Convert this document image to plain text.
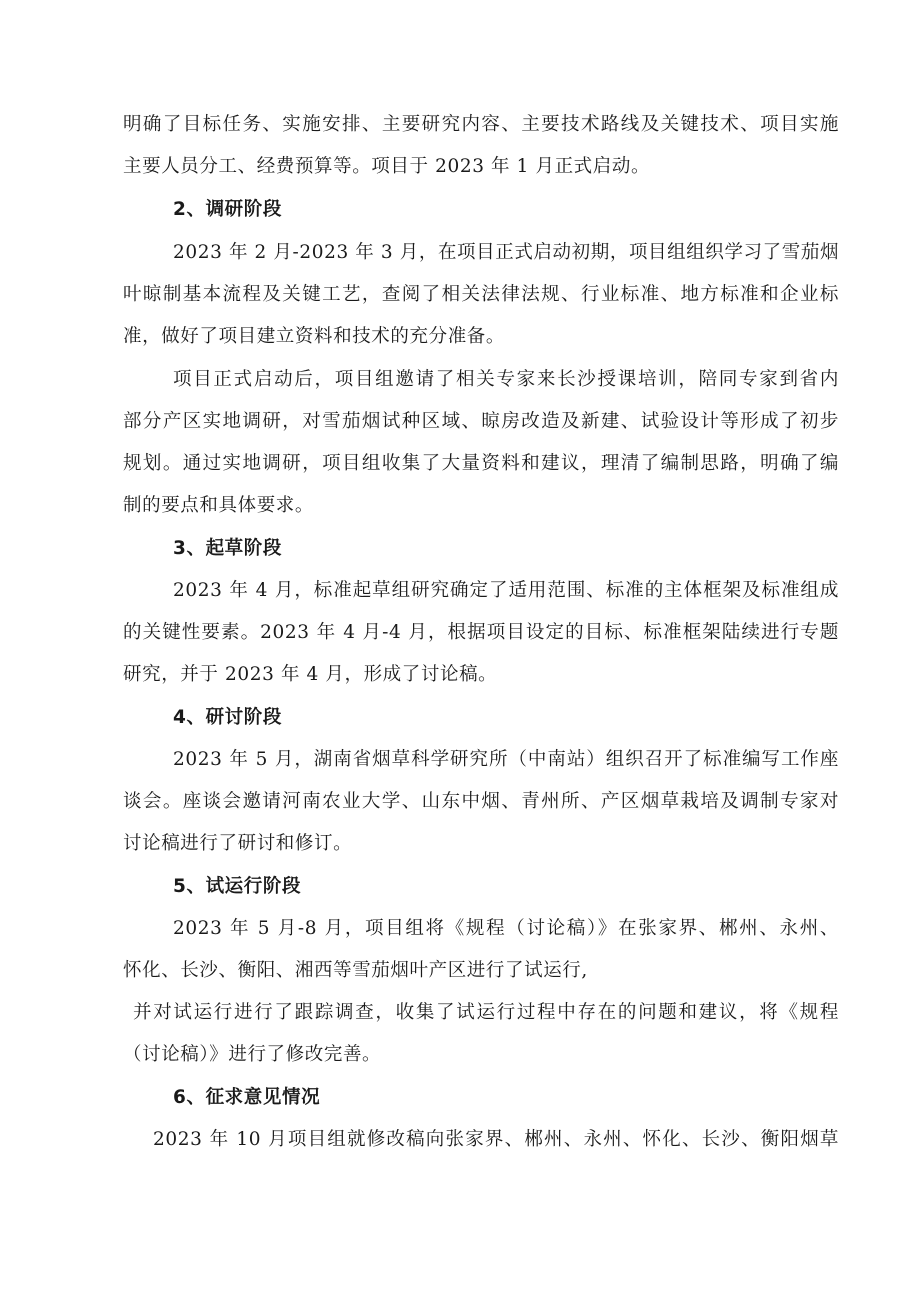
明确了目标任务、实施安排、主要研究内容、主要技术路线及关键技术、项目实施
主要人员分工、经费预算等。项目于 2023 年 1 月正式启动。
2、调研阶段
2023 年 2 月-2023 年 3 月，在项目正式启动初期，项目组组织学习了雪茄烟
叶晾制基本流程及关键工艺，查阅了相关法律法规、行业标准、地方标准和企业标
准，做好了项目建立资料和技术的充分准备。
项目正式启动后，项目组邀请了相关专家来长沙授课培训，陪同专家到省内
部分产区实地调研，对雪茄烟试种区域、晾房改造及新建、试验设计等形成了初步
规划。通过实地调研，项目组收集了大量资料和建议，理清了编制思路，明确了编
制的要点和具体要求。
3、起草阶段
2023 年 4 月，标准起草组研究确定了适用范围、标准的主体框架及标准组成
的关键性要素。2023 年 4 月-4 月，根据项目设定的目标、标准框架陆续进行专题
研究，并于 2023 年 4 月，形成了讨论稿。
4、研讨阶段
2023 年 5 月，湖南省烟草科学研究所（中南站）组织召开了标准编写工作座
谈会。座谈会邀请河南农业大学、山东中烟、青州所、产区烟草栽培及调制专家对
讨论稿进行了研讨和修订。
5、试运行阶段
2023 年 5 月-8 月，项目组将《规程（讨论稿）》在张家界、郴州、永州、
怀化、长沙、衡阳、湘西等雪茄烟叶产区进行了试运行,
并对试运行进行了跟踪调查，收集了试运行过程中存在的问题和建议，将《规程
（讨论稿）》进行了修改完善。
6、征求意见情况
2023 年 10 月项目组就修改稿向张家界、郴州、永州、怀化、长沙、衡阳烟草
